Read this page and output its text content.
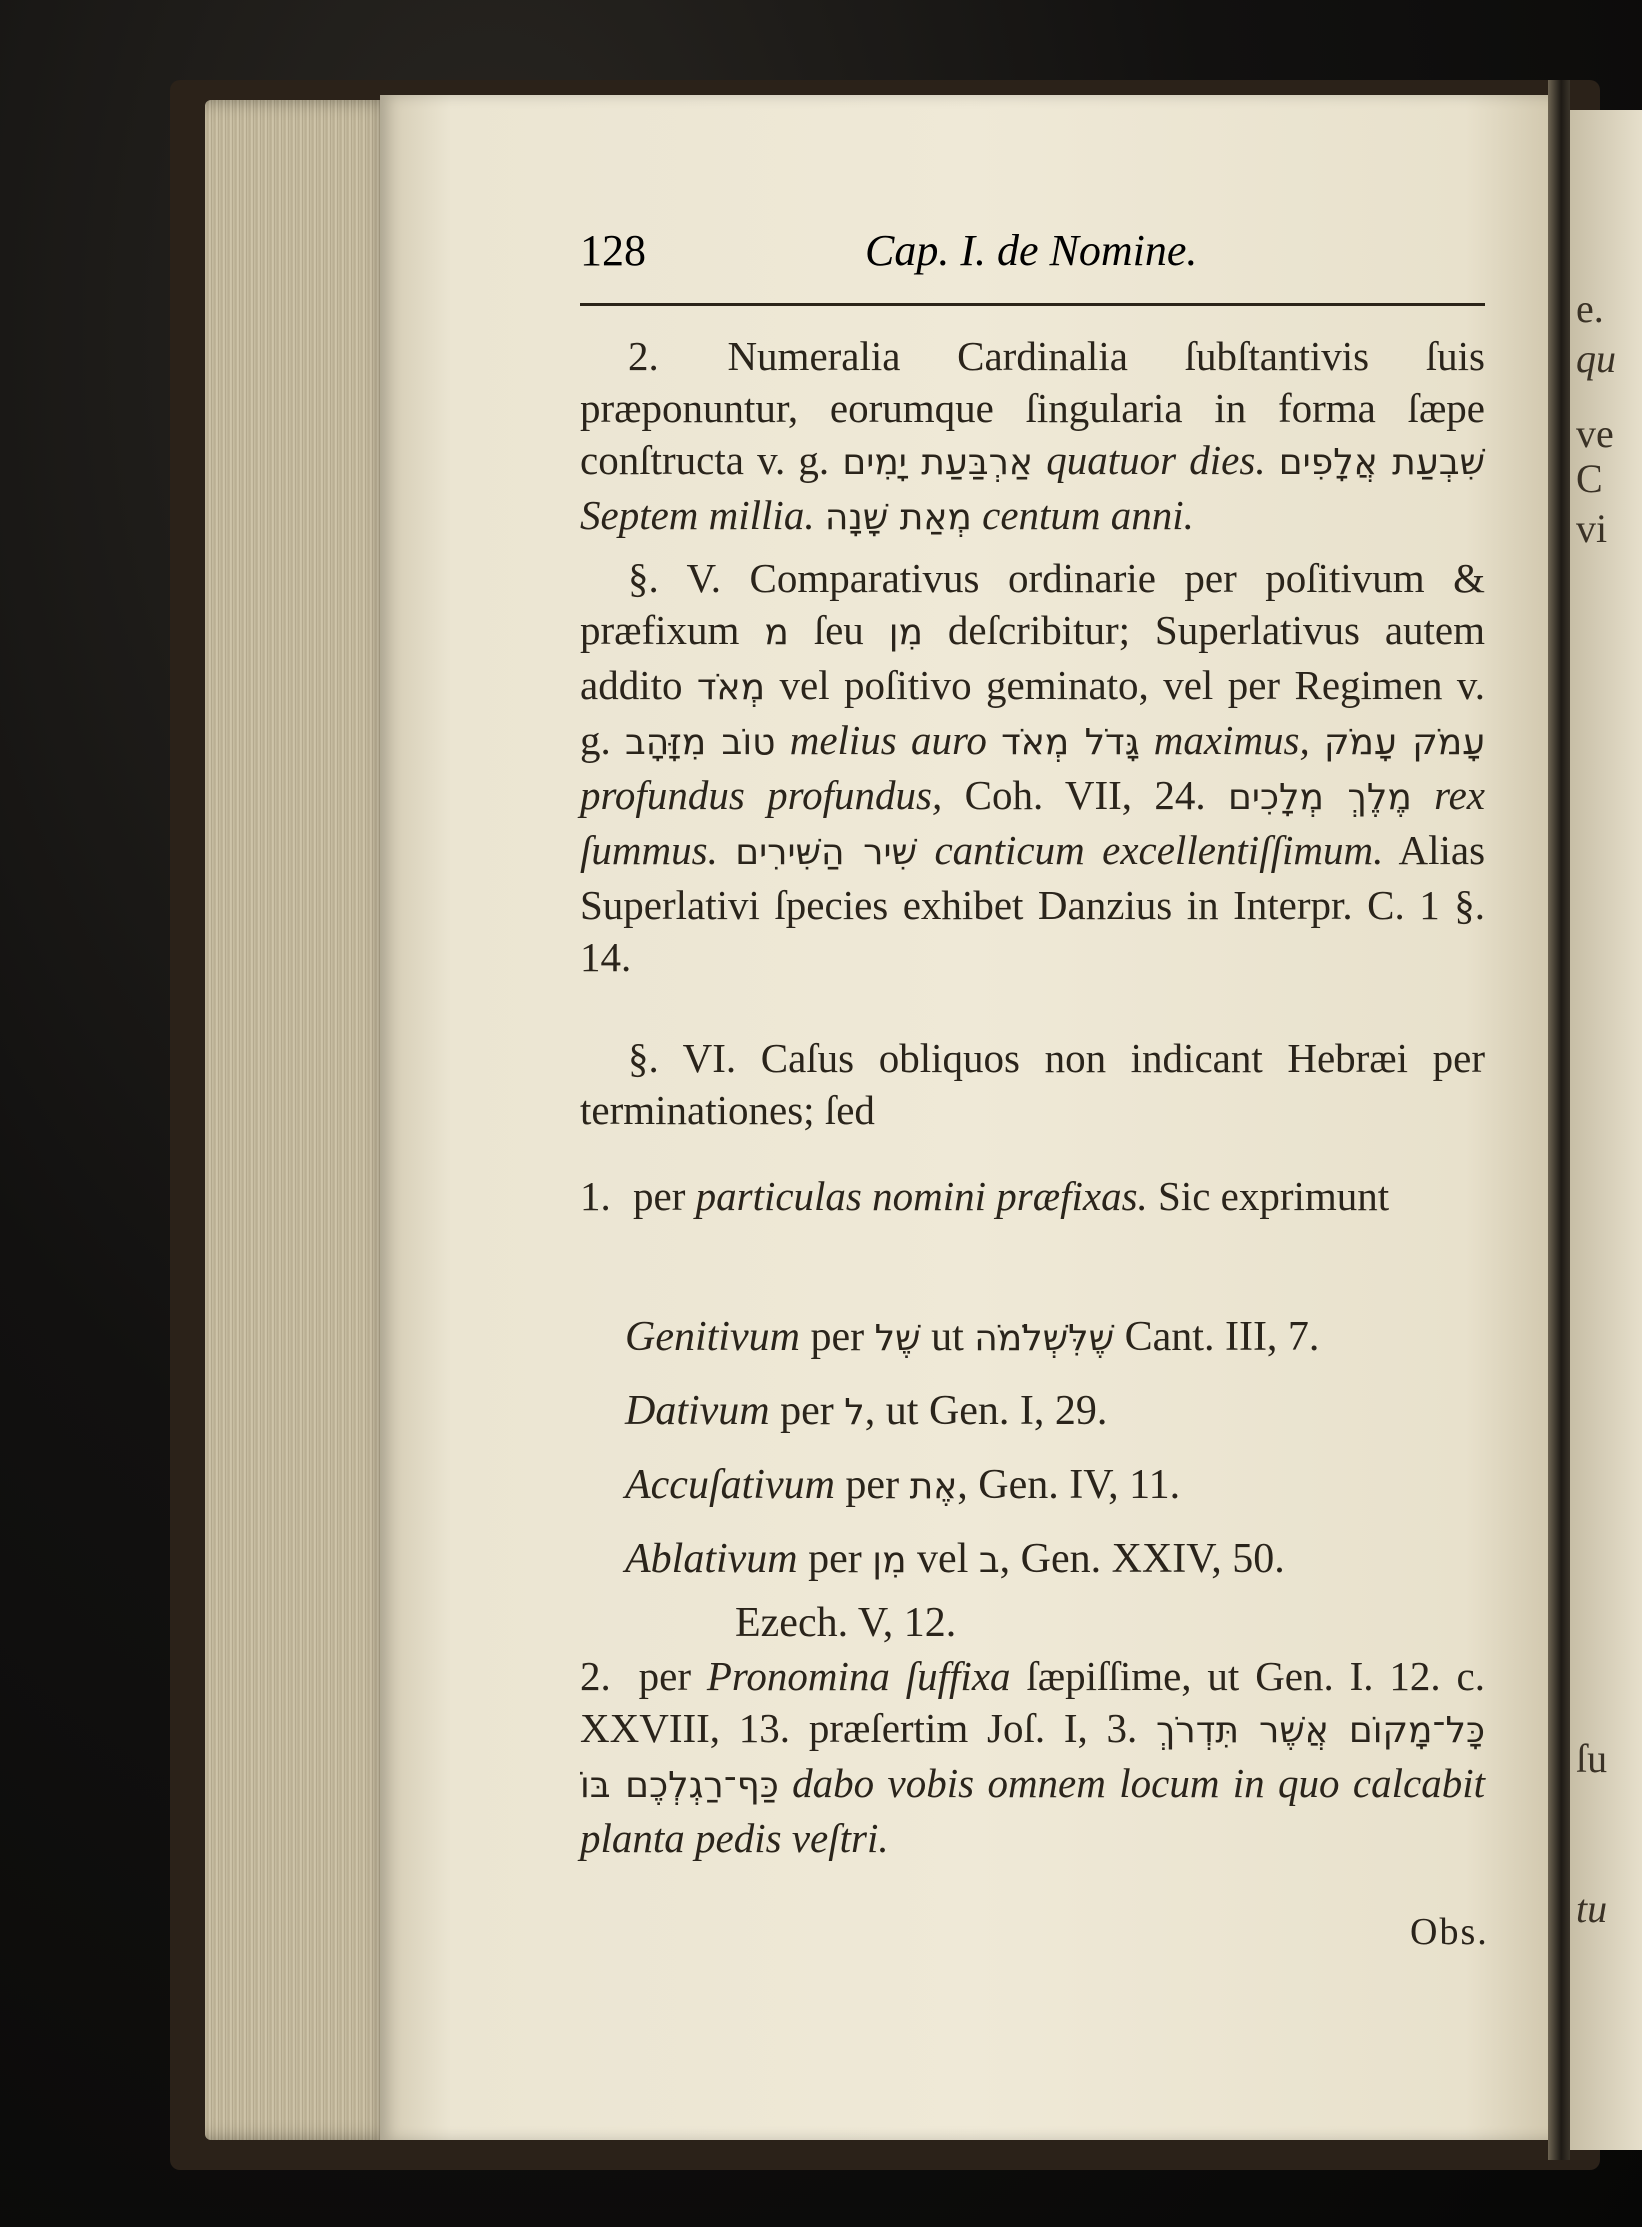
e.
qu
ve
C
vi
ſu
tu
128	Cap. I. de Nomine.
2. Numeralia Cardinalia ſubſtantivis ſuis præponuntur, eorumque ſingularia in forma ſæpe conſtructa v. g. אַרְבַּעַת יָמִים quatuor dies. שִׁבְעַת אֲלָפִים Septem millia. מְאַת שָׁנָה centum anni.
§. V. Comparativus ordinarie per poſitivum & præfixum מ ſeu מִן deſcribitur; Superlativus autem addito מְאֹד vel poſitivo geminato, vel per Regimen v. g. טוֹב מִזָּהָב melius auro גָּדֹל מְאֹד maximus, עָמֹק עָמֹק profundus profundus, Coh. VII, 24. מֶלֶךְ מְלָכִים rex ſummus. שִׁיר הַשִּׁירִים canticum excellentiſſimum. Alias Superlativi ſpecies exhibet Danzius in Interpr. C. 1 §. 14.
§. VI. Caſus obliquos non indicant Hebræi per terminationes; ſed
1. per particulas nomini præfixas. Sic exprimunt
Genitivum per שֶׁל ut שֶׁלִּשְׁלֹמֹה Cant. III, 7.
Dativum per ל, ut Gen. I, 29.
Accuſativum per אֶת, Gen. IV, 11.
Ablativum per מִן vel ב, Gen. XXIV, 50.
Ezech. V, 12.
2. per Pronomina ſuffixa ſæpiſſime, ut Gen. I. 12. c. XXVIII, 13. præſertim Joſ. I, 3. כָּל־מָקוֹם אֲשֶׁר תִּדְרֹךְ כַּף־רַגְלְכֶם בּוֹ dabo vobis omnem locum in quo calcabit planta pedis veſtri.
Obs.
